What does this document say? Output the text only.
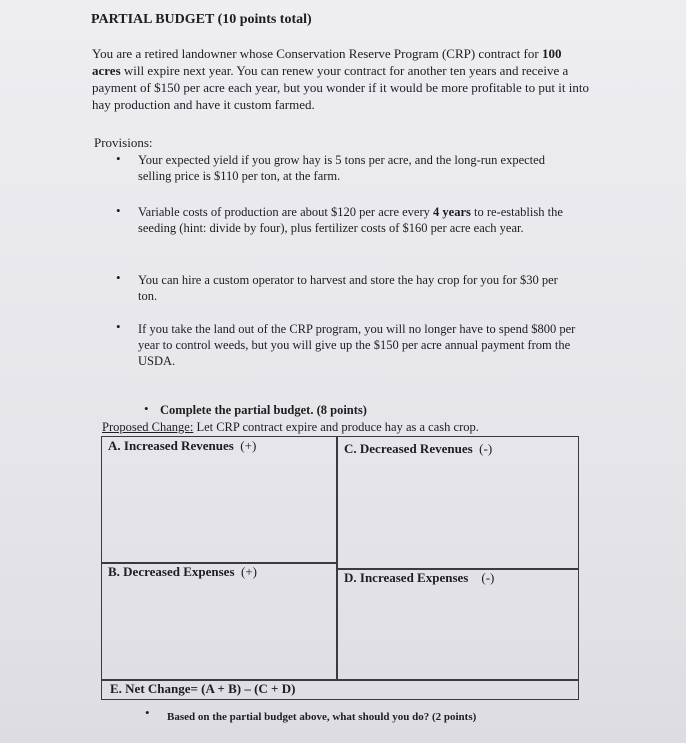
PARTIAL BUDGET (10 points total)
You are a retired landowner whose Conservation Reserve Program (CRP) contract for 100 acres will expire next year. You can renew your contract for another ten years and receive a payment of $150 per acre each year, but you wonder if it would be more profitable to put it into hay production and have it custom farmed.
Provisions:
• Your expected yield if you grow hay is 5 tons per acre, and the long-run expected selling price is $110 per ton, at the farm.
• Variable costs of production are about $120 per acre every 4 years to re-establish the seeding (hint: divide by four), plus fertilizer costs of $160 per acre each year.
• You can hire a custom operator to harvest and store the hay crop for you for $30 per ton.
• If you take the land out of the CRP program, you will no longer have to spend $800 per year to control weeds, but you will give up the $150 per acre annual payment from the USDA.
• Complete the partial budget. (8 points)
Proposed Change: Let CRP contract expire and produce hay as a cash crop.
A. Increased Revenues (+)	C. Decreased Revenues (-)
B. Decreased Expenses (+)	D. Increased Expenses (-)
E. Net Change= (A + B) – (C + D)
• Based on the partial budget above, what should you do? (2 points)
